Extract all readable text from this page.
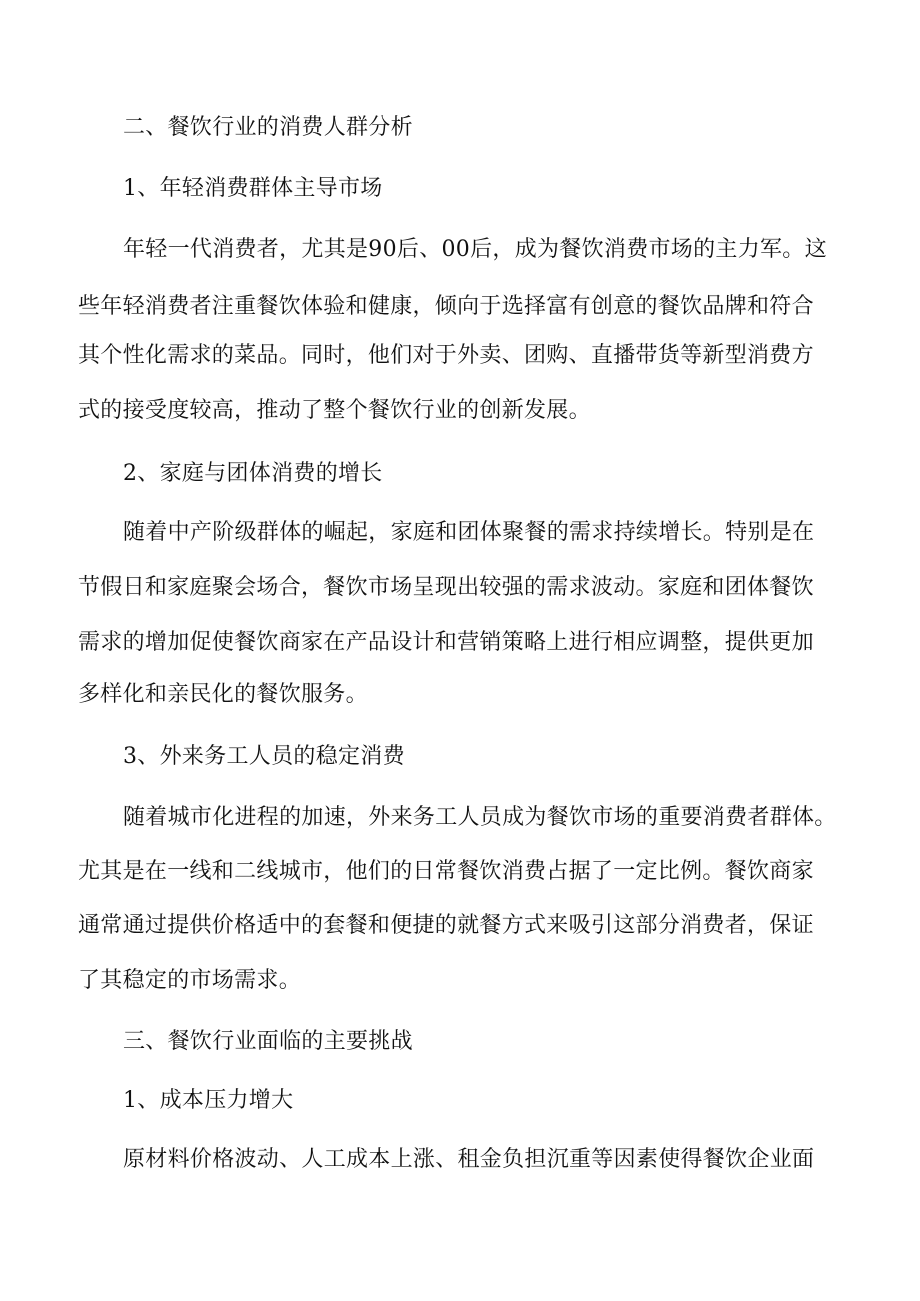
二、餐饮行业的消费人群分析
1、年轻消费群体主导市场
年轻一代消费者，尤其是90后、00后，成为餐饮消费市场的主力军。这
些年轻消费者注重餐饮体验和健康，倾向于选择富有创意的餐饮品牌和符合
其个性化需求的菜品。同时，他们对于外卖、团购、直播带货等新型消费方
式的接受度较高，推动了整个餐饮行业的创新发展。
2、家庭与团体消费的增长
随着中产阶级群体的崛起，家庭和团体聚餐的需求持续增长。特别是在
节假日和家庭聚会场合，餐饮市场呈现出较强的需求波动。家庭和团体餐饮
需求的增加促使餐饮商家在产品设计和营销策略上进行相应调整，提供更加
多样化和亲民化的餐饮服务。
3、外来务工人员的稳定消费
随着城市化进程的加速，外来务工人员成为餐饮市场的重要消费者群体。
尤其是在一线和二线城市，他们的日常餐饮消费占据了一定比例。餐饮商家
通常通过提供价格适中的套餐和便捷的就餐方式来吸引这部分消费者，保证
了其稳定的市场需求。
三、餐饮行业面临的主要挑战
1、成本压力增大
原材料价格波动、人工成本上涨、租金负担沉重等因素使得餐饮企业面
